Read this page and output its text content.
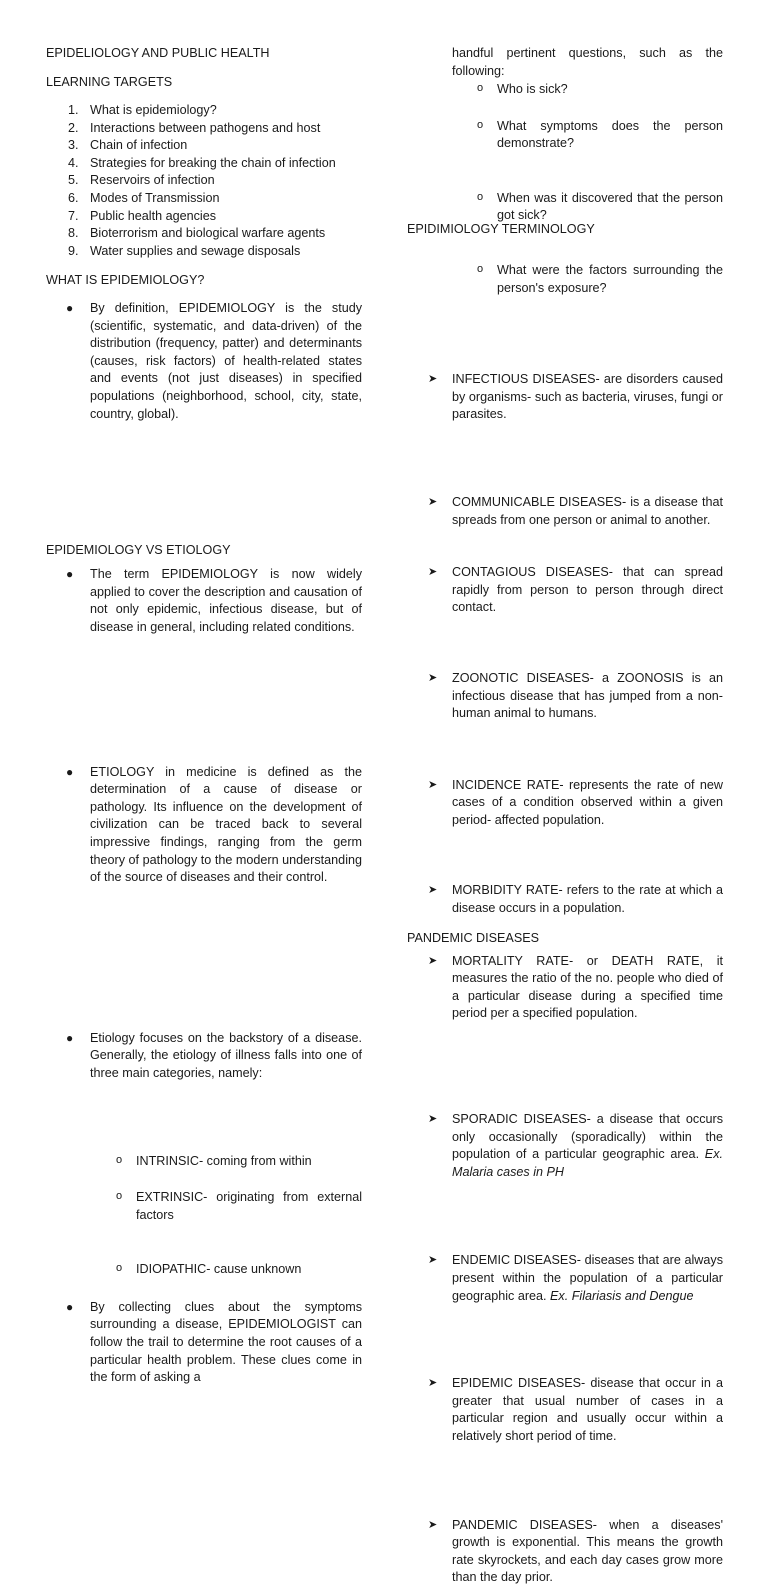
EPIDELIOLOGY AND PUBLIC HEALTH
LEARNING TARGETS
1. What is epidemiology?
2. Interactions between pathogens and host
3. Chain of infection
4. Strategies for breaking the chain of infection
5. Reservoirs of infection
6. Modes of Transmission
7. Public health agencies
8. Bioterrorism and biological warfare agents
9. Water supplies and sewage disposals
WHAT IS EPIDEMIOLOGY?
● By definition, EPIDEMIOLOGY is the study (scientific, systematic, and data-driven) of the distribution (frequency, patter) and determinants (causes, risk factors) of health-related states and events (not just diseases) in specified populations (neighborhood, school, city, state, country, global).
● The term EPIDEMIOLOGY is now widely applied to cover the description and causation of not only epidemic, infectious disease, but of disease in general, including related conditions.
EPIDEMIOLOGY VS ETIOLOGY
● ETIOLOGY in medicine is defined as the determination of a cause of disease or pathology. Its influence on the development of civilization can be traced back to several impressive findings, ranging from the germ theory of pathology to the modern understanding of the source of diseases and their control.
● Etiology focuses on the backstory of a disease. Generally, the etiology of illness falls into one of three main categories, namely:
o INTRINSIC- coming from within
o EXTRINSIC- originating from external factors
o IDIOPATHIC- cause unknown
● By collecting clues about the symptoms surrounding a disease, EPIDEMIOLOGIST can follow the trail to determine the root causes of a particular health problem. These clues come in the form of asking a
handful pertinent questions, such as the following:
o Who is sick?
o What symptoms does the person demonstrate?
o When was it discovered that the person got sick?
o What were the factors surrounding the person's exposure?
EPIDIMIOLOGY TERMINOLOGY
➤ INFECTIOUS DISEASES- are disorders caused by organisms- such as bacteria, viruses, fungi or parasites.
➤ COMMUNICABLE DISEASES- is a disease that spreads from one person or animal to another.
➤ CONTAGIOUS DISEASES- that can spread rapidly from person to person through direct contact.
➤ ZOONOTIC DISEASES- a ZOONOSIS is an infectious disease that has jumped from a non-human animal to humans.
➤ INCIDENCE RATE- represents the rate of new cases of a condition observed within a given period- affected population.
➤ MORBIDITY RATE- refers to the rate at which a disease occurs in a population.
➤ MORTALITY RATE- or DEATH RATE, it measures the ratio of the no. people who died of a particular disease during a specified time period per a specified population.
➤ SPORADIC DISEASES- a disease that occurs only occasionally (sporadically) within the population of a particular geographic area. Ex. Malaria cases in PH
➤ ENDEMIC DISEASES- diseases that are always present within the population of a particular geographic area. Ex. Filariasis and Dengue
➤ EPIDEMIC DISEASES- disease that occur in a greater that usual number of cases in a particular region and usually occur within a relatively short period of time.
➤ PANDEMIC DISEASES- when a diseases' growth is exponential. This means the growth rate skyrockets, and each day cases grow more than the day prior.
PANDEMIC DISEASES
